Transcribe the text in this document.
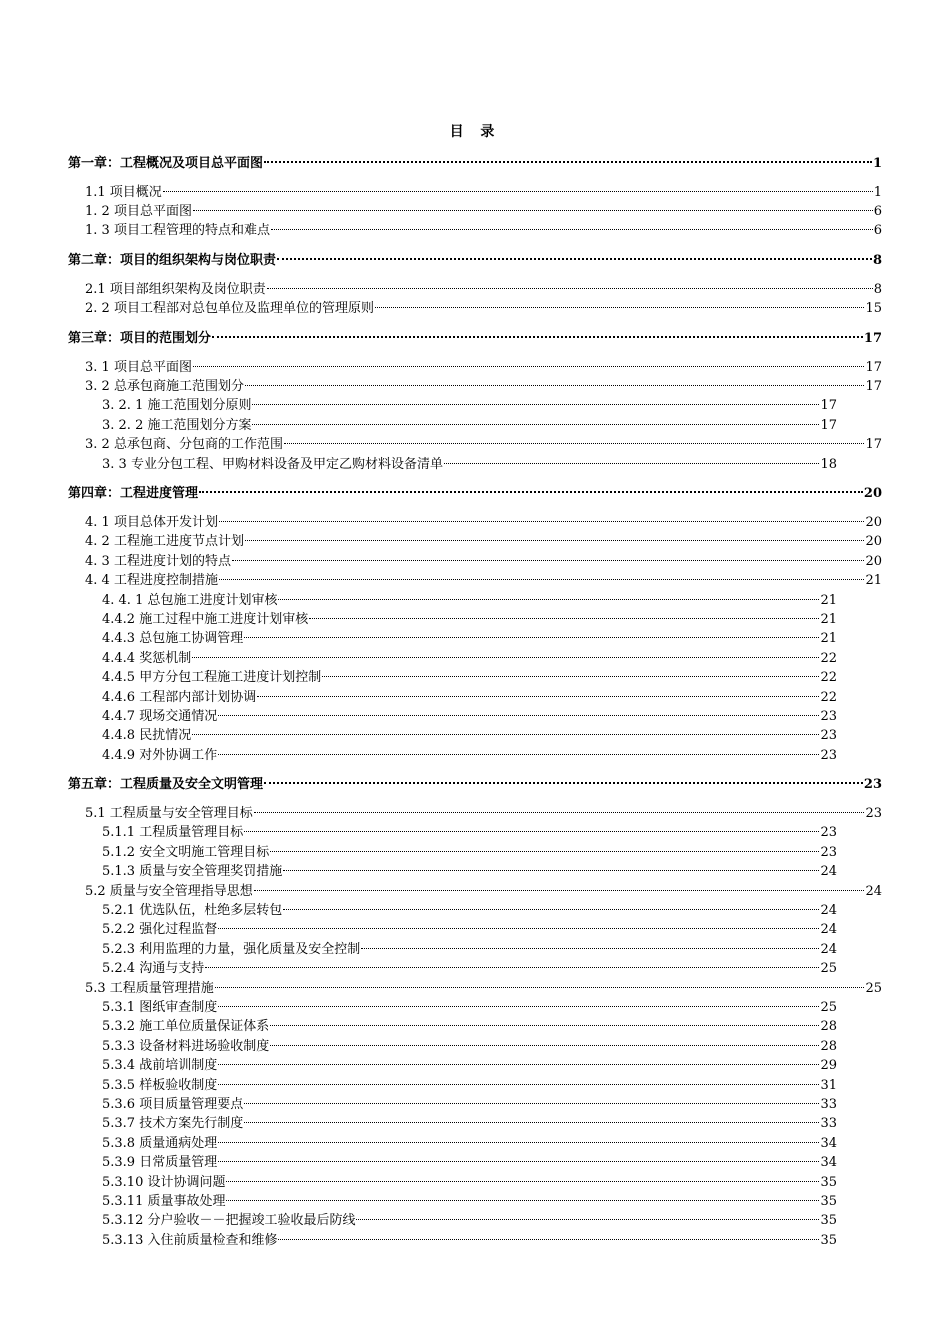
目 录
第一章：工程概况及项目总平面图	1
1.1 项目概况	1
1. 2 项目总平面图	6
1. 3 项目工程管理的特点和难点	6
第二章：项目的组织架构与岗位职责	8
2.1 项目部组织架构及岗位职责	8
2. 2 项目工程部对总包单位及监理单位的管理原则	15
第三章：项目的范围划分	17
3. 1 项目总平面图	17
3. 2 总承包商施工范围划分	17
3. 2. 1 施工范围划分原则	17
3. 2. 2 施工范围划分方案	17
3. 2 总承包商、分包商的工作范围	17
3. 3 专业分包工程、甲购材料设备及甲定乙购材料设备清单	18
第四章：工程进度管理	20
4. 1 项目总体开发计划	20
4. 2 工程施工进度节点计划	20
4. 3 工程进度计划的特点	20
4. 4 工程进度控制措施	21
4. 4. 1 总包施工进度计划审核	21
4.4.2 施工过程中施工进度计划审核	21
4.4.3 总包施工协调管理	21
4.4.4 奖惩机制	22
4.4.5 甲方分包工程施工进度计划控制	22
4.4.6 工程部内部计划协调	22
4.4.7 现场交通情况	23
4.4.8 民扰情况	23
4.4.9 对外协调工作	23
第五章：工程质量及安全文明管理	23
5.1 工程质量与安全管理目标	23
5.1.1 工程质量管理目标	23
5.1.2 安全文明施工管理目标	23
5.1.3 质量与安全管理奖罚措施	24
5.2 质量与安全管理指导思想	24
5.2.1 优选队伍，杜绝多层转包	24
5.2.2 强化过程监督	24
5.2.3 利用监理的力量，强化质量及安全控制	24
5.2.4 沟通与支持	25
5.3 工程质量管理措施	25
5.3.1 图纸审查制度	25
5.3.2 施工单位质量保证体系	28
5.3.3 设备材料进场验收制度	28
5.3.4 战前培训制度	29
5.3.5 样板验收制度	31
5.3.6 项目质量管理要点	33
5.3.7 技术方案先行制度	33
5.3.8 质量通病处理	34
5.3.9 日常质量管理	34
5.3.10 设计协调问题	35
5.3.11 质量事故处理	35
5.3.12 分户验收－－把握竣工验收最后防线	35
5.3.13 入住前质量检查和维修	35
